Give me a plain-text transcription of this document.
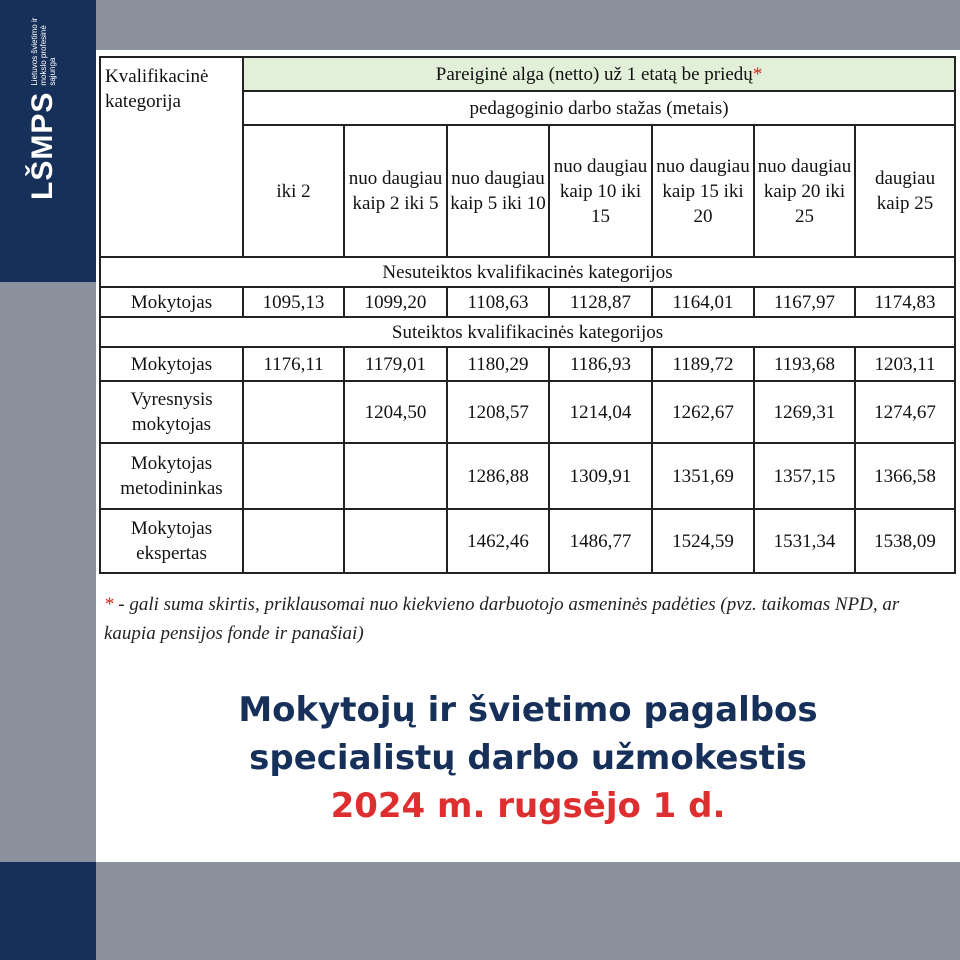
LŠMPS
Lietuvos švietimo ir mokslo profesinė sąjunga	Kvalifikacinė kategorija	Pareiginė alga (netto) už 1 etatą be priedų*						
	pedagoginio darbo stažas (metais)						
	iki 2	nuo daugiau kaip 2 iki 5	nuo daugiau kaip 5 iki 10	nuo daugiau kaip 10 iki 15	nuo daugiau kaip 15 iki 20	nuo daugiau kaip 20 iki 25	daugiau kaip 25
Nesuteiktos kvalifikacinės kategorijos							
Mokytojas	1095,13	1099,20	1108,63	1128,87	1164,01	1167,97	1174,83
Suteiktos kvalifikacinės kategorijos							
Mokytojas	1176,11	1179,01	1180,29	1186,93	1189,72	1193,68	1203,11
Vyresnysis mokytojas		1204,50	1208,57	1214,04	1262,67	1269,31	1274,67
Mokytojas metodininkas			1286,88	1309,91	1351,69	1357,15	1366,58
Mokytojas ekspertas			1462,46	1486,77	1524,59	1531,34	1538,09
* - gali suma skirtis, priklausomai nuo kiekvieno darbuotojo asmeninės padėties (pvz. taikomas NPD, ar kaupia pensijos fonde ir panašiai)
Mokytojų ir švietimo pagalbos
specialistų darbo užmokestis
2024 m. rugsėjo 1 d.
